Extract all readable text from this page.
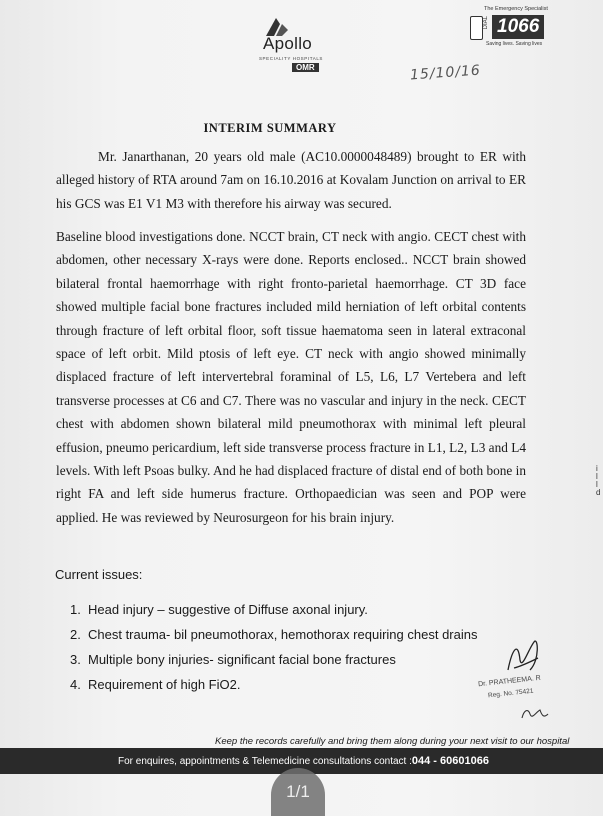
Apollo
SPECIALITY HOSPITALS
OMR
The Emergency Specialist
DIAL 1066
Saving lives. Saving lives
15/10/16
INTERIM SUMMARY
Mr. Janarthanan, 20 years old male (AC10.0000048489) brought to ER with alleged history of RTA around 7am on 16.10.2016 at Kovalam Junction on arrival to ER his GCS was E1 V1 M3 with therefore his airway was secured.
Baseline blood investigations done. NCCT brain, CT neck with angio. CECT chest with abdomen, other necessary X-rays were done. Reports enclosed.. NCCT brain showed bilateral frontal haemorrhage with right fronto-parietal haemorrhage. CT 3D face showed multiple facial bone fractures included mild herniation of left orbital contents through fracture of left orbital floor, soft tissue haematoma seen in lateral extraconal space of left orbit. Mild ptosis of left eye. CT neck with angio showed minimally displaced fracture of left intervertebral foraminal of L5, L6, L7 Vertebera and left transverse processes at C6 and C7. There was no vascular and injury in the neck. CECT chest with abdomen shown bilateral mild pneumothorax with minimal left pleural effusion, pneumo pericardium, left side transverse process fracture in L1, L2, L3 and L4 levels. With left Psoas bulky. And he had displaced fracture of distal end of both bone in right FA and left side humerus fracture. Orthopaedician was seen and POP were applied. He was reviewed by Neurosurgeon for his brain injury.
Current issues:
1. Head injury – suggestive of Diffuse axonal injury.
2. Chest trauma- bil pneumothorax, hemothorax requiring chest drains
3. Multiple bony injuries- significant facial bone fractures
4. Requirement of high FiO2.	Dr. PRATHEEMA. R
Reg. No. 75421
i
l
l
d
Keep the records carefully and bring them along during your next visit to our hospital
For enquires, appointments & Telemedicine consultations contact :044 - 60601066
1/1
